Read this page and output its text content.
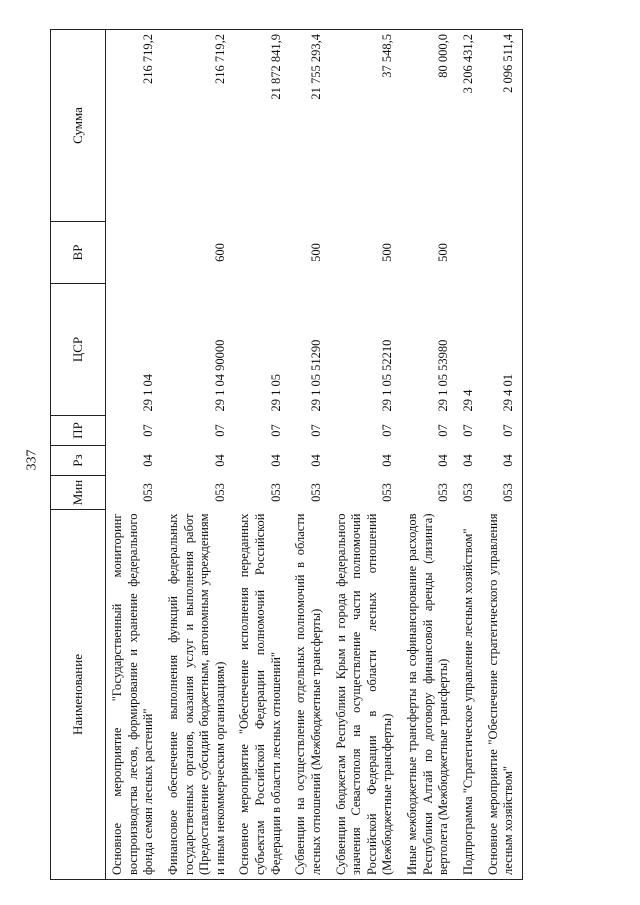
337
Наименование	Мин	Рз	ПР	ЦСР	ВР	Сумма
Основное мероприятие "Государственный мониторинг воспроизводства лесов, формирование и хранение федерального фонда семян лесных растений"	053	04	07	29 1 04		216 719,2
Финансовое обеспечение выполнения функций федеральных государственных органов, оказания услуг и выполнения работ (Предоставление субсидий бюджетным, автономным учреждениям и иным некоммерческим организациям)	053	04	07	29 1 04 90000	600	216 719,2
Основное мероприятие "Обеспечение исполнения переданных субъектам Российской Федерации полномочий Российской Федерации в области лесных отношений"	053	04	07	29 1 05		21 872 841,9
Субвенции на осуществление отдельных полномочий в области лесных отношений (Межбюджетные трансферты)	053	04	07	29 1 05 51290	500	21 755 293,4
Субвенции бюджетам Республики Крым и города федерального значения Севастополя на осуществление части полномочий Российской Федерации в области лесных отношений (Межбюджетные трансферты)	053	04	07	29 1 05 52210	500	37 548,5
Иные межбюджетные трансферты на софинансирование расходов Республики Алтай по договору финансовой аренды (лизинга) вертолета (Межбюджетные трансферты)	053	04	07	29 1 05 53980	500	80 000,0
Подпрограмма "Стратегическое управление лесным хозяйством"	053	04	07	29 4		3 206 431,2
Основное мероприятие "Обеспечение стратегического управления лесным хозяйством"	053	04	07	29 4 01		2 096 511,4
